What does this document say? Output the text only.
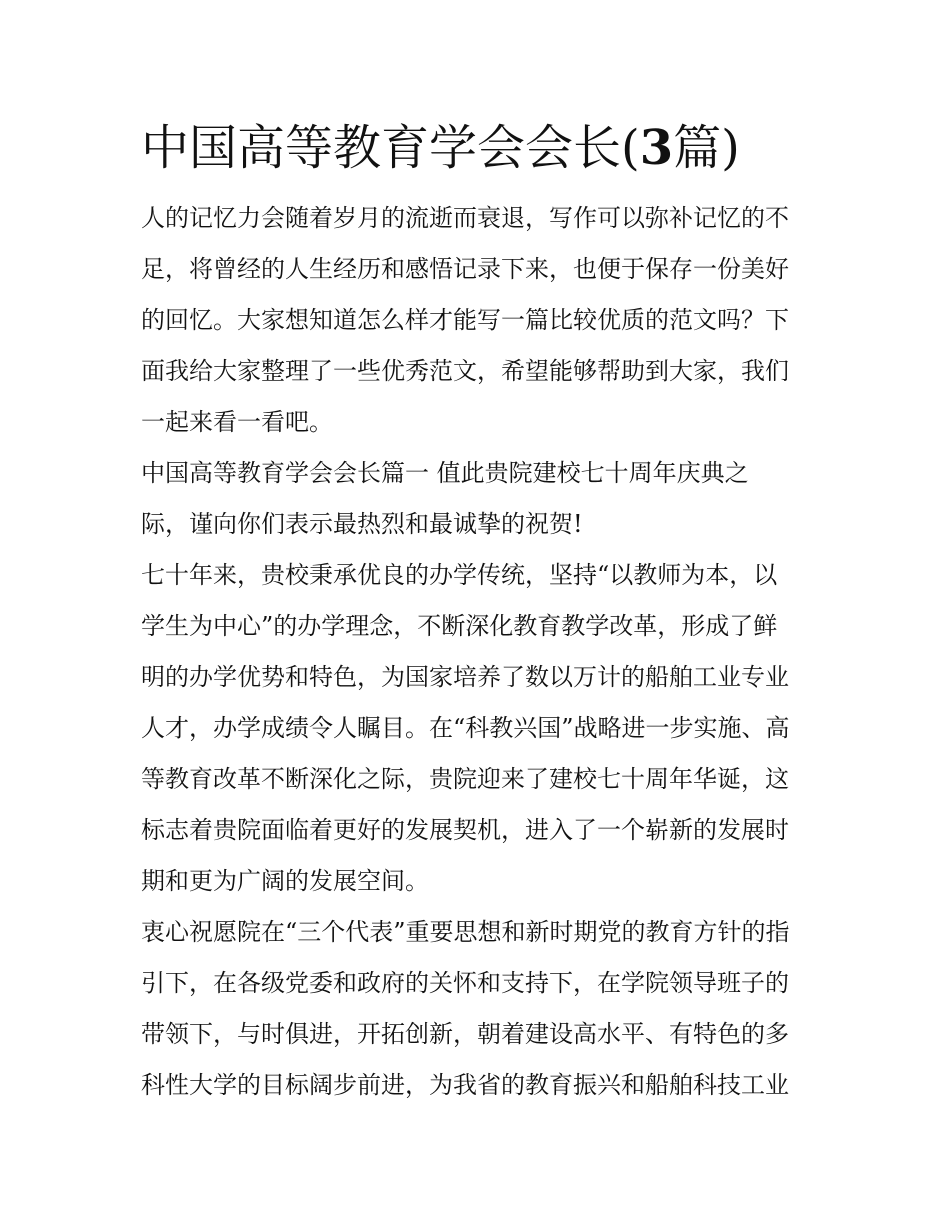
中国高等教育学会会长(3篇)

人的记忆力会随着岁月的流逝而衰退，写作可以弥补记忆的不
足，将曾经的人生经历和感悟记录下来，也便于保存一份美好
的回忆。大家想知道怎么样才能写一篇比较优质的范文吗？下
面我给大家整理了一些优秀范文，希望能够帮助到大家，我们
一起来看一看吧。

中国高等教育学会会长篇一 值此贵院建校七十周年庆典之
际，谨向你们表示最热烈和最诚挚的祝贺!

七十年来，贵校秉承优良的办学传统，坚持“以教师为本，以
学生为中心”的办学理念，不断深化教育教学改革，形成了鲜
明的办学优势和特色，为国家培养了数以万计的船舶工业专业
人才，办学成绩令人瞩目。在“科教兴国”战略进一步实施、高
等教育改革不断深化之际，贵院迎来了建校七十周年华诞，这
标志着贵院面临着更好的发展契机，进入了一个崭新的发展时
期和更为广阔的发展空间。

衷心祝愿院在“三个代表”重要思想和新时期党的教育方针的指
引下，在各级党委和政府的关怀和支持下，在学院领导班子的
带领下，与时俱进，开拓创新，朝着建设高水平、有特色的多
科性大学的目标阔步前进，为我省的教育振兴和船舶科技工业
